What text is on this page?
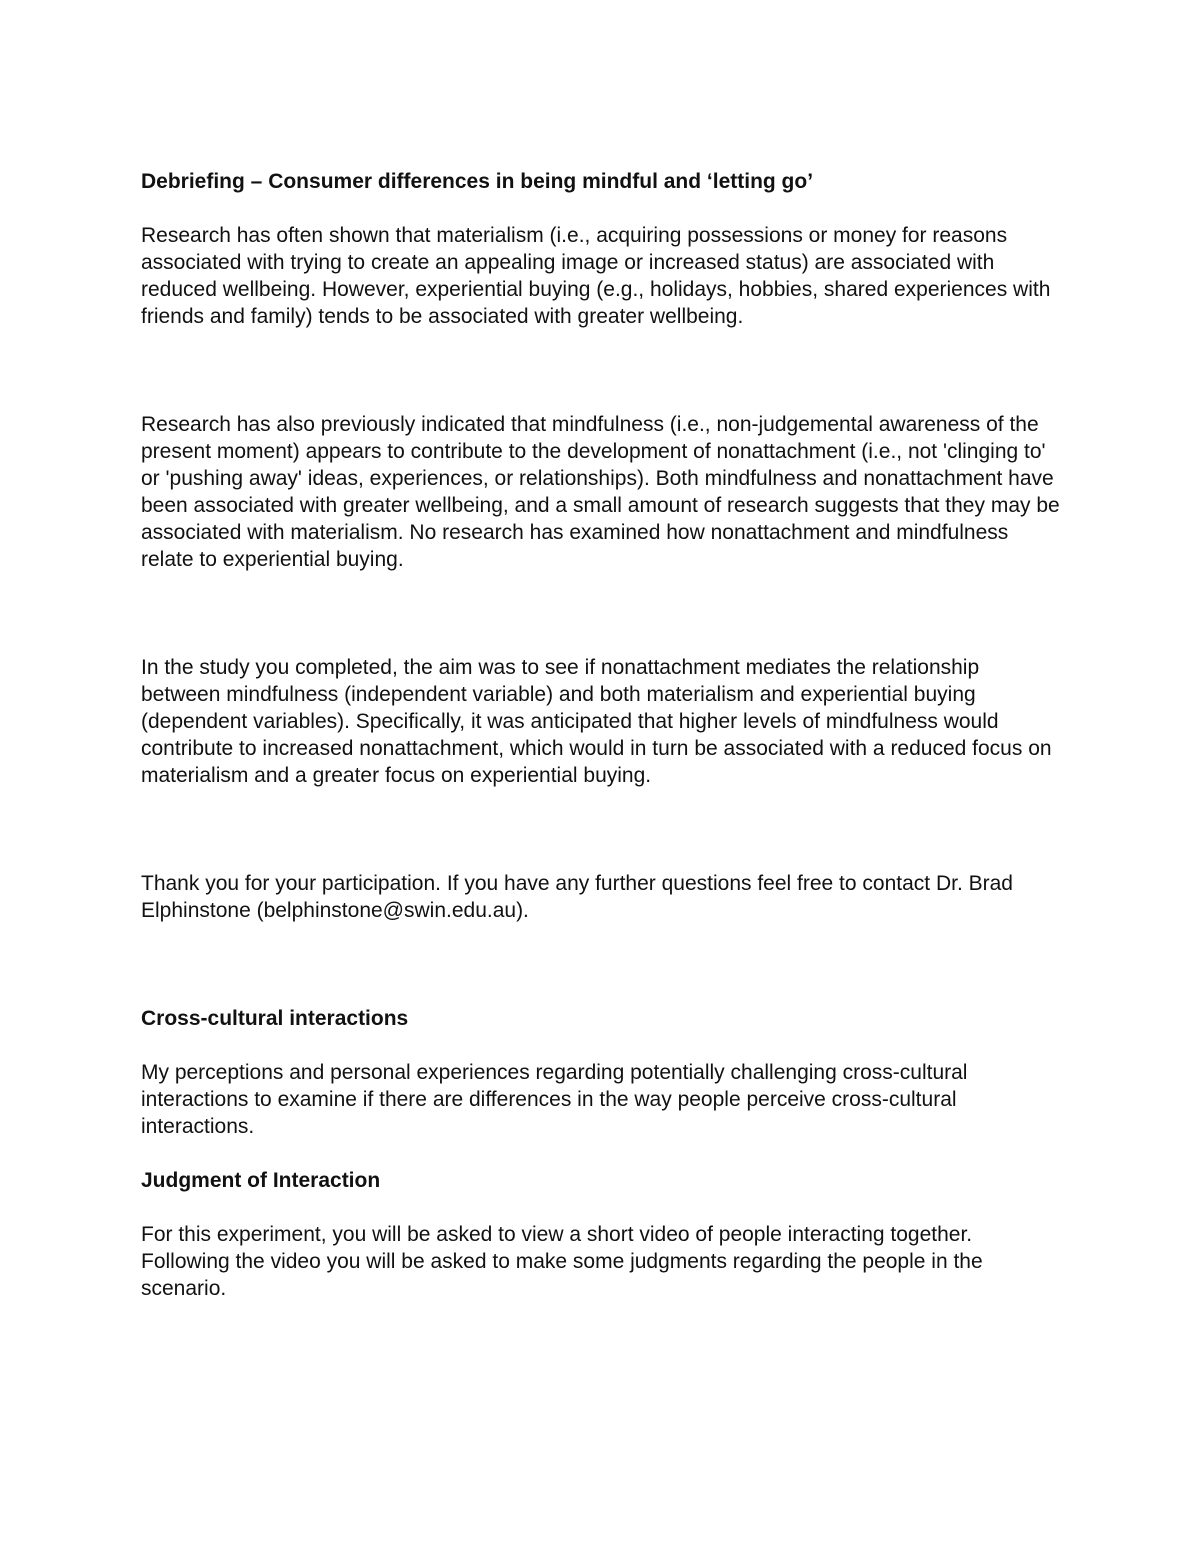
Debriefing – Consumer differences in being mindful and ‘letting go’

Research has often shown that materialism (i.e., acquiring possessions or money for reasons associated with trying to create an appealing image or increased status) are associated with reduced wellbeing. However, experiential buying (e.g., holidays, hobbies, shared experiences with friends and family) tends to be associated with greater wellbeing.

Research has also previously indicated that mindfulness (i.e., non-judgemental awareness of the present moment) appears to contribute to the development of nonattachment (i.e., not 'clinging to' or 'pushing away' ideas, experiences, or relationships). Both mindfulness and nonattachment have been associated with greater wellbeing, and a small amount of research suggests that they may be associated with materialism. No research has examined how nonattachment and mindfulness relate to experiential buying.

In the study you completed, the aim was to see if nonattachment mediates the relationship between mindfulness (independent variable) and both materialism and experiential buying (dependent variables). Specifically, it was anticipated that higher levels of mindfulness would contribute to increased nonattachment, which would in turn be associated with a reduced focus on materialism and a greater focus on experiential buying.

Thank you for your participation. If you have any further questions feel free to contact Dr. Brad Elphinstone (belphinstone@swin.edu.au).

Cross-cultural interactions

My perceptions and personal experiences regarding potentially challenging cross-cultural interactions to examine if there are differences in the way people perceive cross-cultural interactions.

Judgment of Interaction

For this experiment, you will be asked to view a short video of people interacting together. Following the video you will be asked to make some judgments regarding the people in the scenario.
